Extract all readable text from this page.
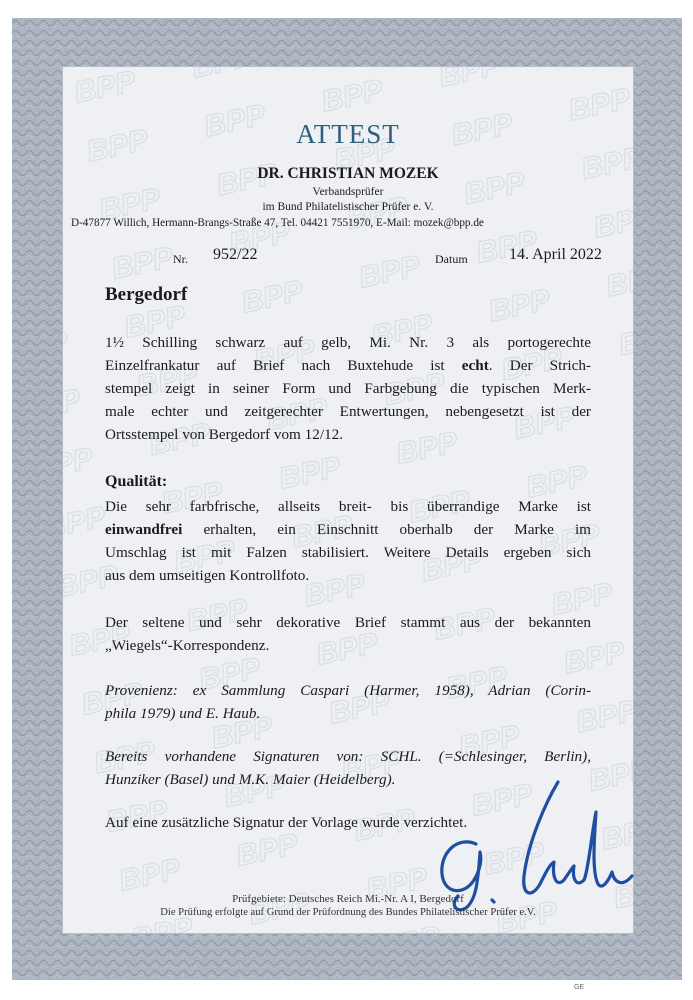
ATTEST
DR. CHRISTIAN MOZEK
Verbandsprüfer
im Bund Philatelistischer Prüfer e. V.
D-47877 Willich, Hermann-Brangs-Straße 47, Tel. 04421 7551970, E-Mail: mozek@bpp.de
Nr. 952/22	Datum	14. April 2022
Bergedorf
1½ Schilling schwarz auf gelb, Mi. Nr. 3 als portogerechte
Einzelfrankatur auf Brief nach Buxtehude ist echt. Der Strich-
stempel zeigt in seiner Form und Farbgebung die typischen Merk-
male echter und zeitgerechter Entwertungen, nebengesetzt ist der
Ortsstempel von Bergedorf vom 12/12.
Qualität:
Die sehr farbfrische, allseits breit- bis überrandige Marke ist
einwandfrei erhalten, ein Einschnitt oberhalb der Marke im
Umschlag ist mit Falzen stabilisiert. Weitere Details ergeben sich
aus dem umseitigen Kontrollfoto.
Der seltene und sehr dekorative Brief stammt aus der bekannten
„Wiegels“-Korrespondenz.
Provenienz: ex Sammlung Caspari (Harmer, 1958), Adrian (Corin-
phila 1979) und E. Haub.
Bereits vorhandene Signaturen von: SCHL. (=Schlesinger, Berlin),
Hunziker (Basel) und M.K. Maier (Heidelberg).
Auf eine zusätzliche Signatur der Vorlage wurde verzichtet.
Prüfgebiete: Deutsches Reich Mi.-Nr. A I, Bergedorf
Die Prüfung erfolgte auf Grund der Prüfordnung des Bundes Philatelistischer Prüfer e.V.
GE
